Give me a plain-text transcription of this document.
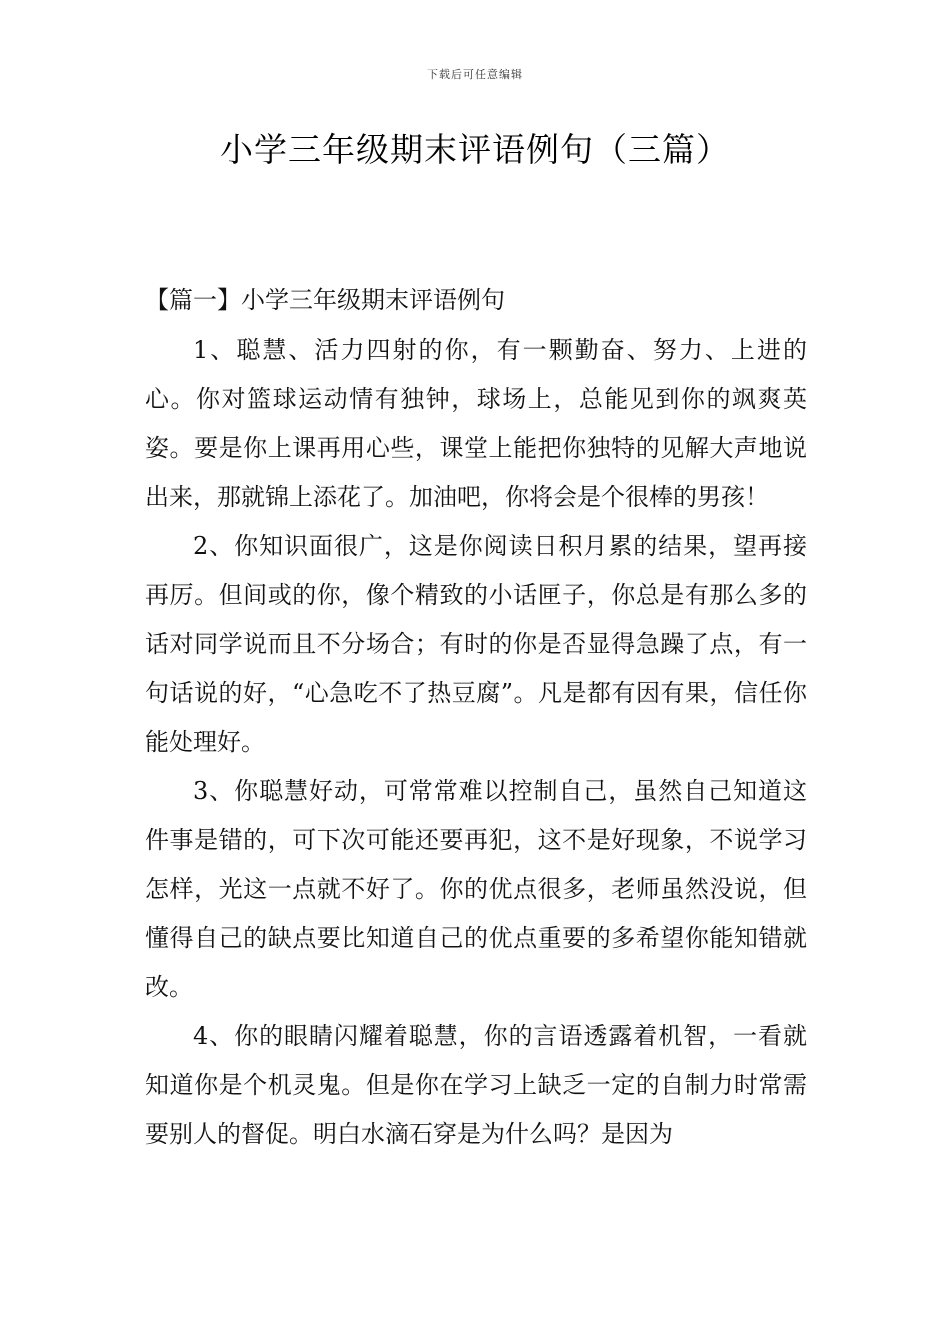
下载后可任意编辑
小学三年级期末评语例句（三篇）
【篇一】小学三年级期末评语例句

1、聪慧、活力四射的你，有一颗勤奋、努力、上进的心。你对篮球运动情有独钟，球场上，总能见到你的飒爽英姿。要是你上课再用心些，课堂上能把你独特的见解大声地说出来，那就锦上添花了。加油吧，你将会是个很棒的男孩！

2、你知识面很广，这是你阅读日积月累的结果，望再接再厉。但间或的你，像个精致的小话匣子，你总是有那么多的话对同学说而且不分场合；有时的你是否显得急躁了点，有一句话说的好，“心急吃不了热豆腐”。凡是都有因有果，信任你能处理好。

3、你聪慧好动，可常常难以控制自己，虽然自己知道这件事是错的，可下次可能还要再犯，这不是好现象，不说学习怎样，光这一点就不好了。你的优点很多，老师虽然没说，但懂得自己的缺点要比知道自己的优点重要的多希望你能知错就改。

4、你的眼睛闪耀着聪慧，你的言语透露着机智，一看就知道你是个机灵鬼。但是你在学习上缺乏一定的自制力时常需要别人的督促。明白水滴石穿是为什么吗？是因为
